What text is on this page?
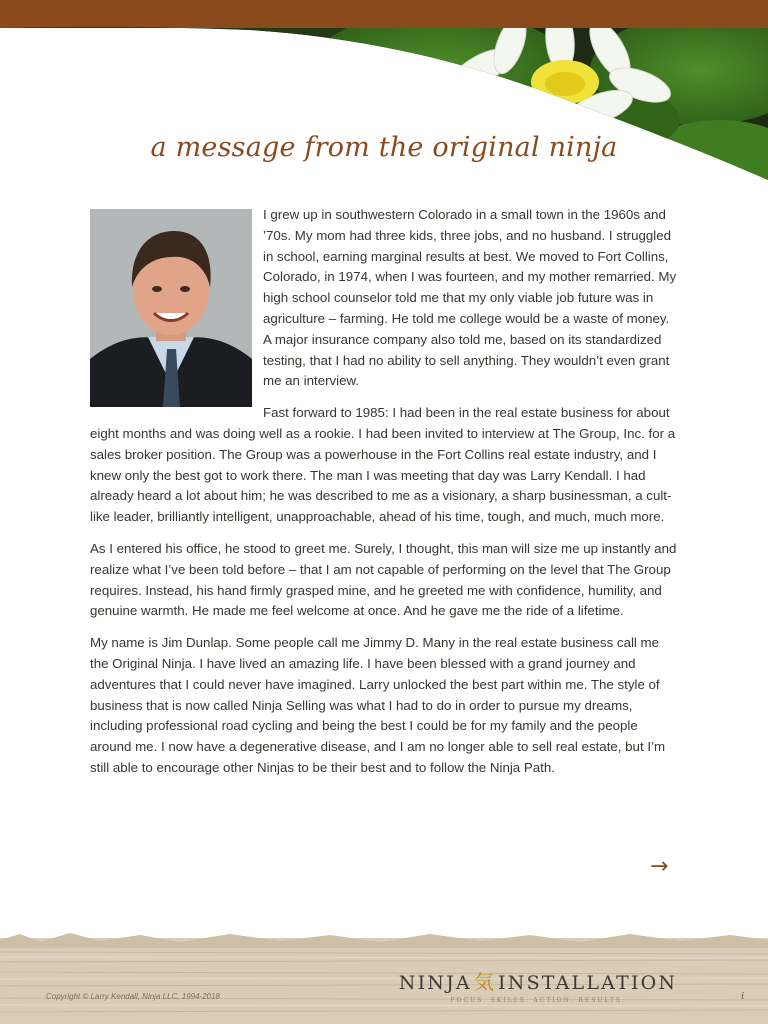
a message from the original ninja

I grew up in southwestern Colorado in a small town in the 1960s and ’70s. My mom had three kids, three jobs, and no husband. I struggled in school, earning marginal results at best. We moved to Fort Collins, Colorado, in 1974, when I was fourteen, and my mother remarried. My high school counselor told me that my only viable job future was in agriculture – farming. He told me college would be a waste of money. A major insurance company also told me, based on its standardized testing, that I had no ability to sell anything. They wouldn’t even grant me an interview.

Fast forward to 1985: I had been in the real estate business for about eight months and was doing well as a rookie. I had been invited to interview at The Group, Inc. for a sales broker position. The Group was a powerhouse in the Fort Collins real estate industry, and I knew only the best got to work there. The man I was meeting that day was Larry Kendall. I had already heard a lot about him; he was described to me as a visionary, a sharp businessman, a cult-like leader, brilliantly intelligent, unapproachable, ahead of his time, tough, and much, much more.

As I entered his office, he stood to greet me. Surely, I thought, this man will size me up instantly and realize what I’ve been told before – that I am not capable of performing on the level that The Group requires. Instead, his hand firmly grasped mine, and he greeted me with confidence, humility, and genuine warmth. He made me feel welcome at once. And he gave me the ride of a lifetime.

My name is Jim Dunlap. Some people call me Jimmy D. Many in the real estate business call me the Original Ninja. I have lived an amazing life. I have been blessed with a grand journey and adventures that I could never have imagined. Larry unlocked the best part within me. The style of business that is now called Ninja Selling was what I had to do in order to pursue my dreams, including professional road cycling and being the best I could be for my family and the people around me. I now have a degenerative disease, and I am no longer able to sell real estate, but I’m still able to encourage other Ninjas to be their best and to follow the Ninja Path.

→
Copyright © Larry Kendall, Ninja LLC, 1994-2018
NINJA 気 INSTALLATION
FOCUS. SKILLS. ACTION. RESULTS.	i
